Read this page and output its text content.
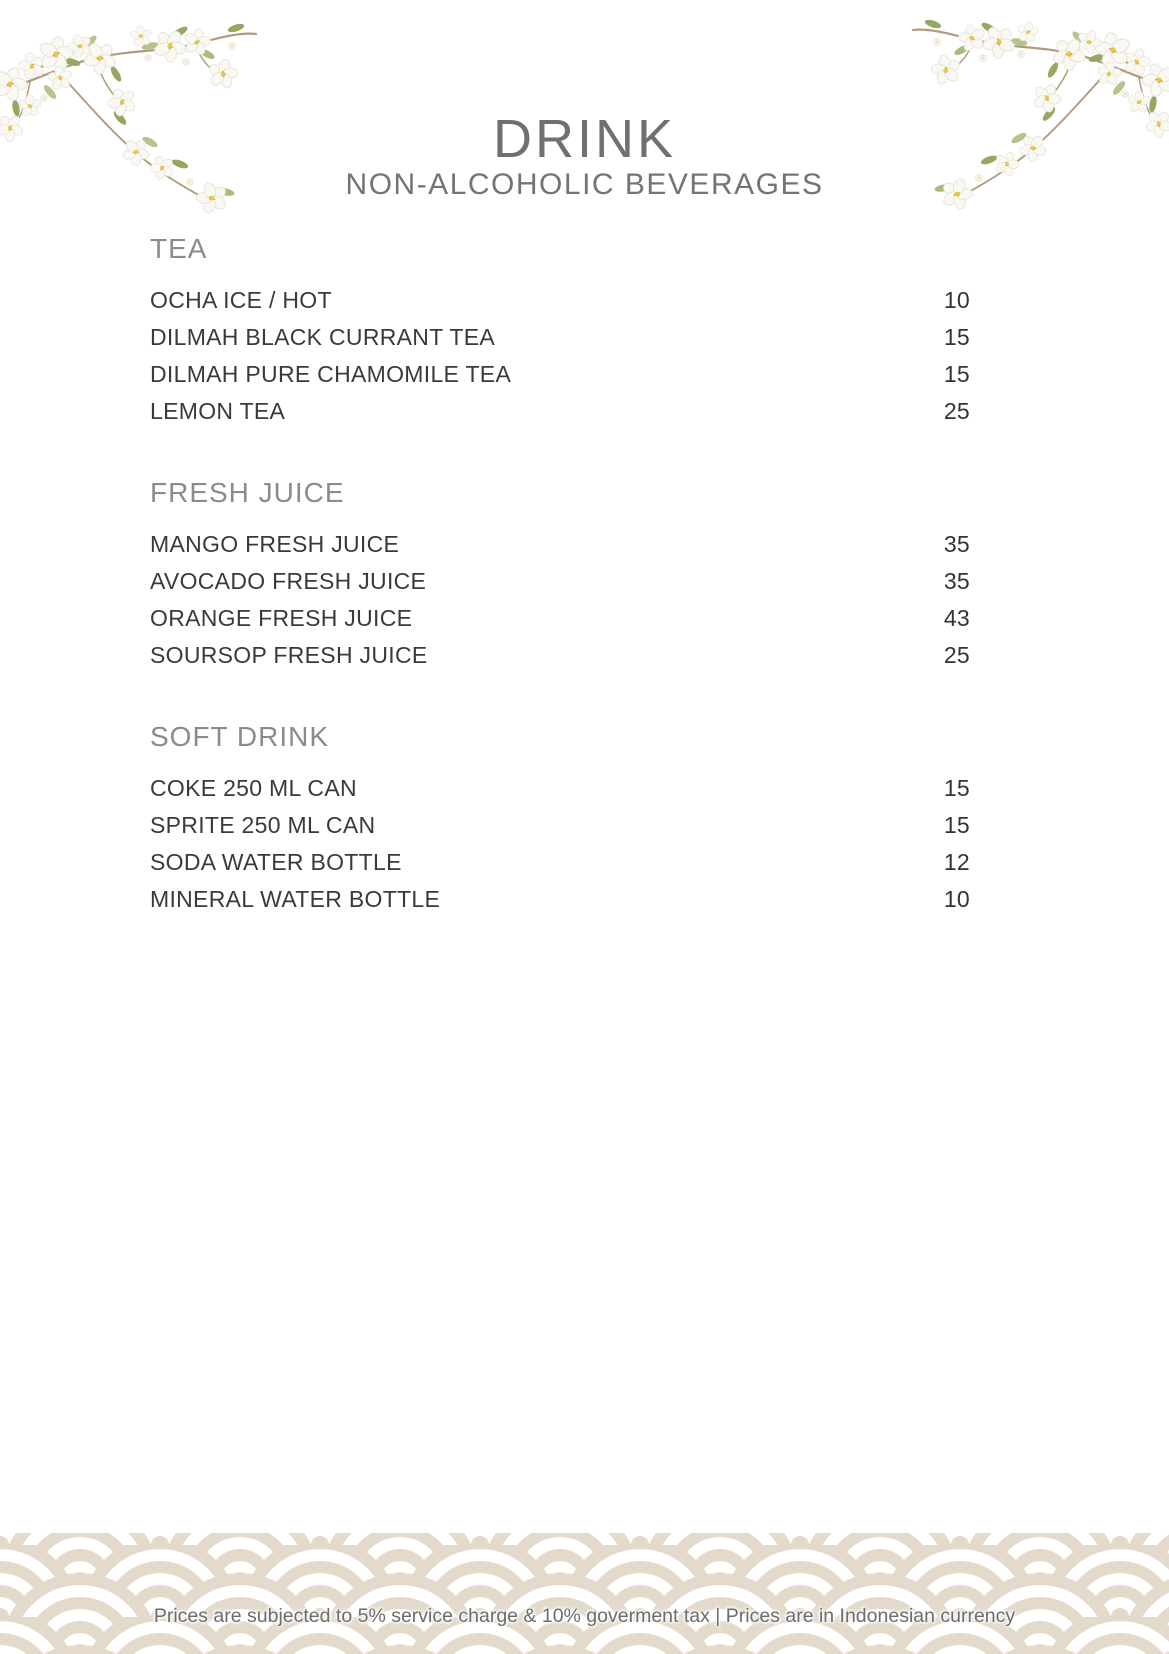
DRINK
NON-ALCOHOLIC BEVERAGES
TEA
OCHA ICE / HOT	10
DILMAH BLACK CURRANT TEA	15
DILMAH PURE CHAMOMILE TEA	15
LEMON TEA	25
FRESH JUICE
MANGO FRESH JUICE	35
AVOCADO FRESH JUICE	35
ORANGE FRESH JUICE	43
SOURSOP FRESH JUICE	25
SOFT DRINK
COKE 250 ML CAN	15
SPRITE 250 ML CAN	15
SODA WATER BOTTLE	12
MINERAL WATER BOTTLE	10
Prices are subjected to 5% service charge & 10% goverment tax | Prices are in Indonesian currency
